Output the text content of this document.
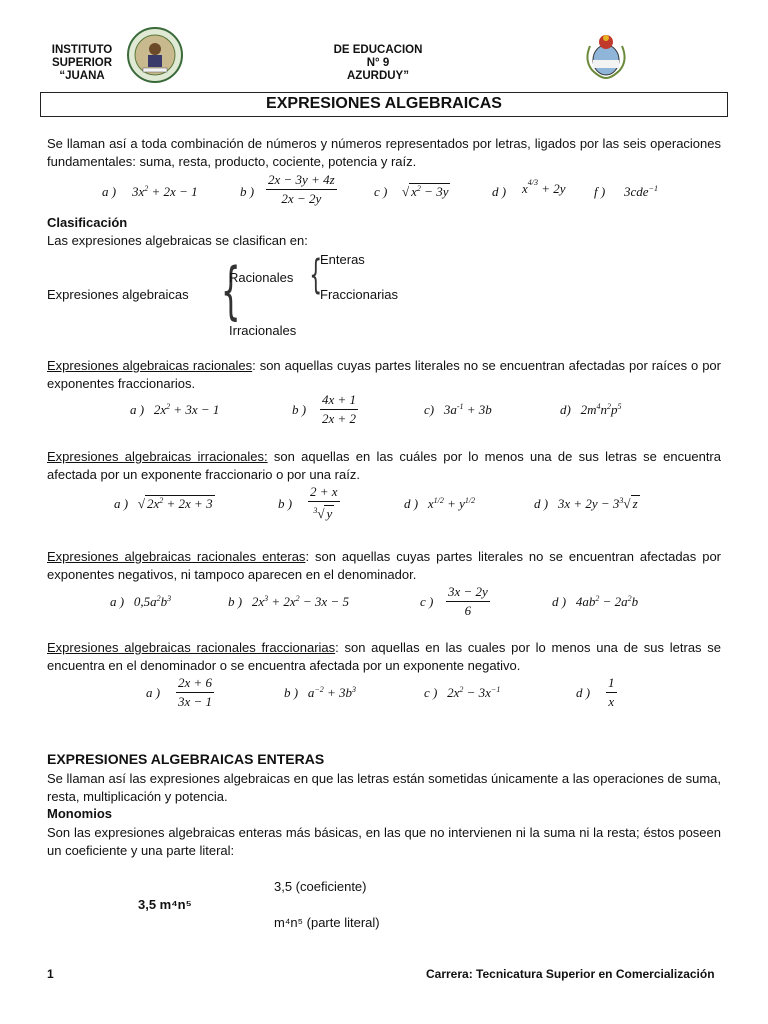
INSTITUTO
SUPERIOR
“JUANA
DE EDUCACION
N° 9
AZURDUY”
EXPRESIONES ALGEBRAICAS
Se llaman así a toda combinación de números y números representados por letras, ligados por las seis operaciones fundamentales: suma, resta, producto, cociente, potencia y raíz.
a ) $3x^2 + 2x - 1$	b ) $\frac{2x - 3y + 4z}{2x - 2y}$	c ) √ $x^2 - 3y$	d ) $x^{4/3} + 2y$ f ) 3cde$^{-1}$
Clasificación
Las expresiones algebraicas se clasifican en:
Expresiones algebraicas {
Racionales
Irracionales
{
Enteras
Fraccionarias
Expresiones algebraicas racionales: son aquellas cuyas partes literales no se encuentran afectadas por raíces o por exponentes fraccionarios.
a )   $2x^2 + 3x - 1$	b ) $\frac{4x + 1}{2x + 2}$	c)   $3a^{-1} + 3b$	d)   $2m^4n^2p^5$
Expresiones algebraicas irracionales: son aquellas en las cuáles por lo menos una de sus letras se encuentra afectada por un exponente fraccionario o por una raíz.
a )   √ $2x^2 + 2x + 3$	b ) $\frac{2 + x}{^3√ y}$	d )   $x^{1/2} + y^{1/2}$	d )   $3x + 2y - 3^3√$ z
Expresiones algebraicas racionales enteras: son aquellas cuyas partes literales no se encuentran afectadas por exponentes negativos, ni tampoco aparecen en el denominador.
a )   $0,5a^2b^3$	b )   $2x^3 + 2x^2 - 3x - 5$	c ) $\frac{3x - 2y}{6}$	d )   $4ab^2 - 2a^2b$
Expresiones algebraicas racionales fraccionarias: son aquellas en las cuales por lo menos una de sus letras se encuentra en el denominador o se encuentra afectada por un exponente negativo.
a ) $\frac{2x + 6}{3x - 1}$	b )   $a^{-2} + 3b^3$	c )   $2x^2 - 3x^{-1}$	d ) $\frac{1}{x}$
EXPRESIONES ALGEBRAICAS ENTERAS
Se llaman así las expresiones algebraicas en que las letras están sometidas únicamente a las operaciones de suma, resta, multiplicación y potencia.
Monomios
Son las expresiones algebraicas enteras más básicas, en las que no intervienen ni la suma ni la resta; éstos poseen un coeficiente y una parte literal:
3,5 m⁴n⁵
3,5 (coeficiente)
m⁴n⁵ (parte literal)
1	Carrera: Tecnicatura Superior en Comercialización
